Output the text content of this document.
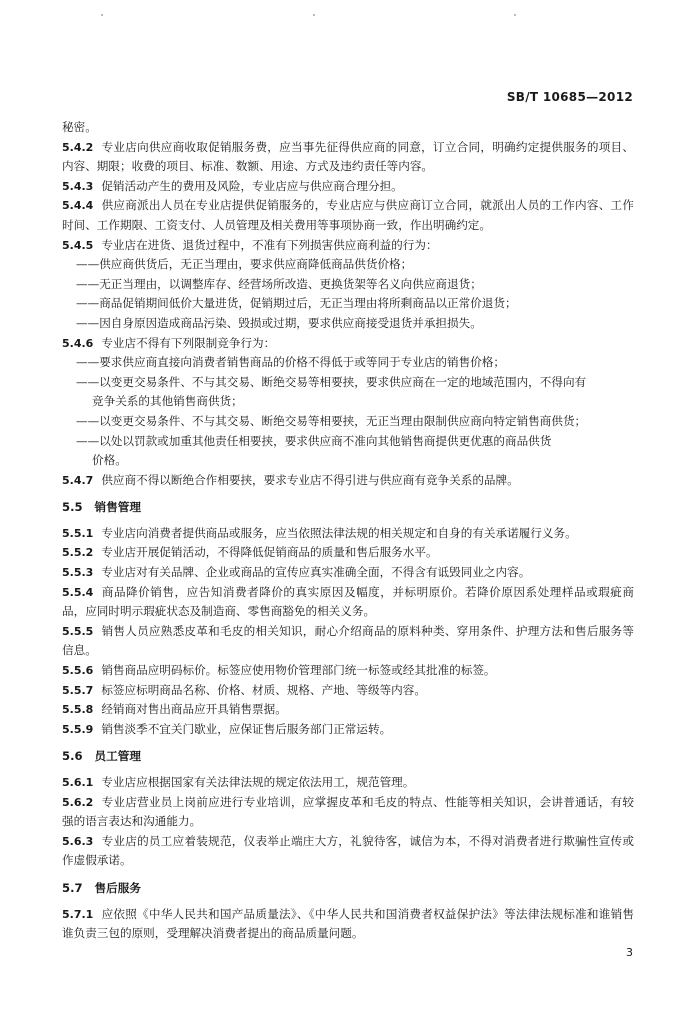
SB/T 10685—2012
秘密。
5.4.2 专业店向供应商收取促销服务费，应当事先征得供应商的同意，订立合同，明确约定提供服务的项目、内容、期限；收费的项目、标准、数额、用途、方式及违约责任等内容。
5.4.3 促销活动产生的费用及风险，专业店应与供应商合理分担。
5.4.4 供应商派出人员在专业店提供促销服务的，专业店应与供应商订立合同，就派出人员的工作内容、工作时间、工作期限、工资支付、人员管理及相关费用等事项协商一致，作出明确约定。
5.4.5 专业店在进货、退货过程中，不准有下列损害供应商利益的行为：
——供应商供货后，无正当理由，要求供应商降低商品供货价格；
——无正当理由，以调整库存、经营场所改造、更换货架等名义向供应商退货；
——商品促销期间低价大量进货，促销期过后，无正当理由将所剩商品以正常价退货；
——因自身原因造成商品污染、毁损或过期，要求供应商接受退货并承担损失。
5.4.6 专业店不得有下列限制竞争行为：
——要求供应商直接向消费者销售商品的价格不得低于或等同于专业店的销售价格；
——以变更交易条件、不与其交易、断绝交易等相要挟，要求供应商在一定的地域范围内，不得向有
竞争关系的其他销售商供货；
——以变更交易条件、不与其交易、断绝交易等相要挟，无正当理由限制供应商向特定销售商供货；
——以处以罚款或加重其他责任相要挟，要求供应商不准向其他销售商提供更优惠的商品供货
价格。
5.4.7 供应商不得以断绝合作相要挟，要求专业店不得引进与供应商有竞争关系的品牌。
5.5 销售管理
5.5.1 专业店向消费者提供商品或服务，应当依照法律法规的相关规定和自身的有关承诺履行义务。
5.5.2 专业店开展促销活动，不得降低促销商品的质量和售后服务水平。
5.5.3 专业店对有关品牌、企业或商品的宣传应真实准确全面，不得含有诋毁同业之内容。
5.5.4 商品降价销售，应告知消费者降价的真实原因及幅度，并标明原价。若降价原因系处理样品或瑕疵商品，应同时明示瑕疵状态及制造商、零售商豁免的相关义务。
5.5.5 销售人员应熟悉皮革和毛皮的相关知识，耐心介绍商品的原料种类、穿用条件、护理方法和售后服务等信息。
5.5.6 销售商品应明码标价。标签应使用物价管理部门统一标签或经其批准的标签。
5.5.7 标签应标明商品名称、价格、材质、规格、产地、等级等内容。
5.5.8 经销商对售出商品应开具销售票据。
5.5.9 销售淡季不宜关门歇业，应保证售后服务部门正常运转。
5.6 员工管理
5.6.1 专业店应根据国家有关法律法规的规定依法用工，规范管理。
5.6.2 专业店营业员上岗前应进行专业培训，应掌握皮革和毛皮的特点、性能等相关知识，会讲普通话，有较强的语言表达和沟通能力。
5.6.3 专业店的员工应着装规范，仪表举止端庄大方，礼貌待客，诚信为本，不得对消费者进行欺骗性宣传或作虚假承诺。
5.7 售后服务
5.7.1 应依照《中华人民共和国产品质量法》、《中华人民共和国消费者权益保护法》等法律法规标准和谁销售谁负责三包的原则，受理解决消费者提出的商品质量问题。
3
